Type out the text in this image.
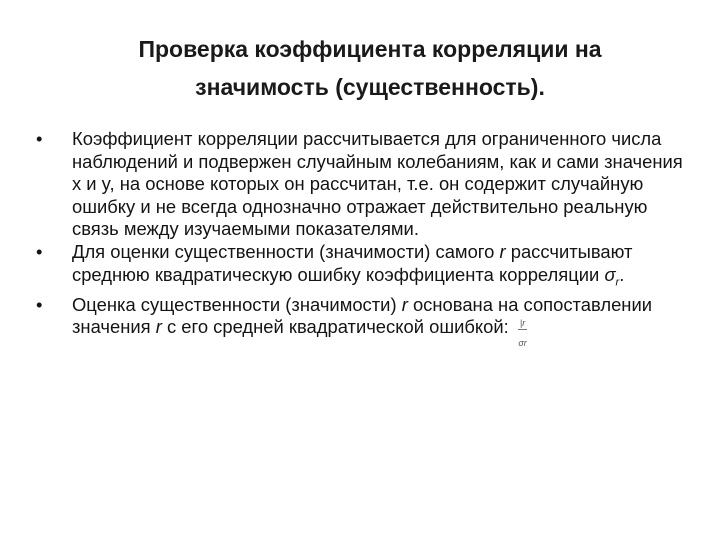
Проверка коэффициента корреляции на
значимость (существенность).
•	Коэффициент корреляции рассчитывается для ограниченного числа наблюдений и подвержен случайным колебаниям, как и сами значения x и y, на основе которых он рассчитан, т.е. он содержит случайную ошибку и не всегда однозначно отражает действительно реальную связь между изучаемыми показателями.
•	Для оценки существенности (значимости) самого r рассчитывают среднюю квадратическую ошибку коэффициента корреляции $\sigma_r$.
•	Оценка существенности (значимости) r основана на сопоставлении значения r с его средней квадратической ошибкой: $\frac{|r}{\sigma r}$
